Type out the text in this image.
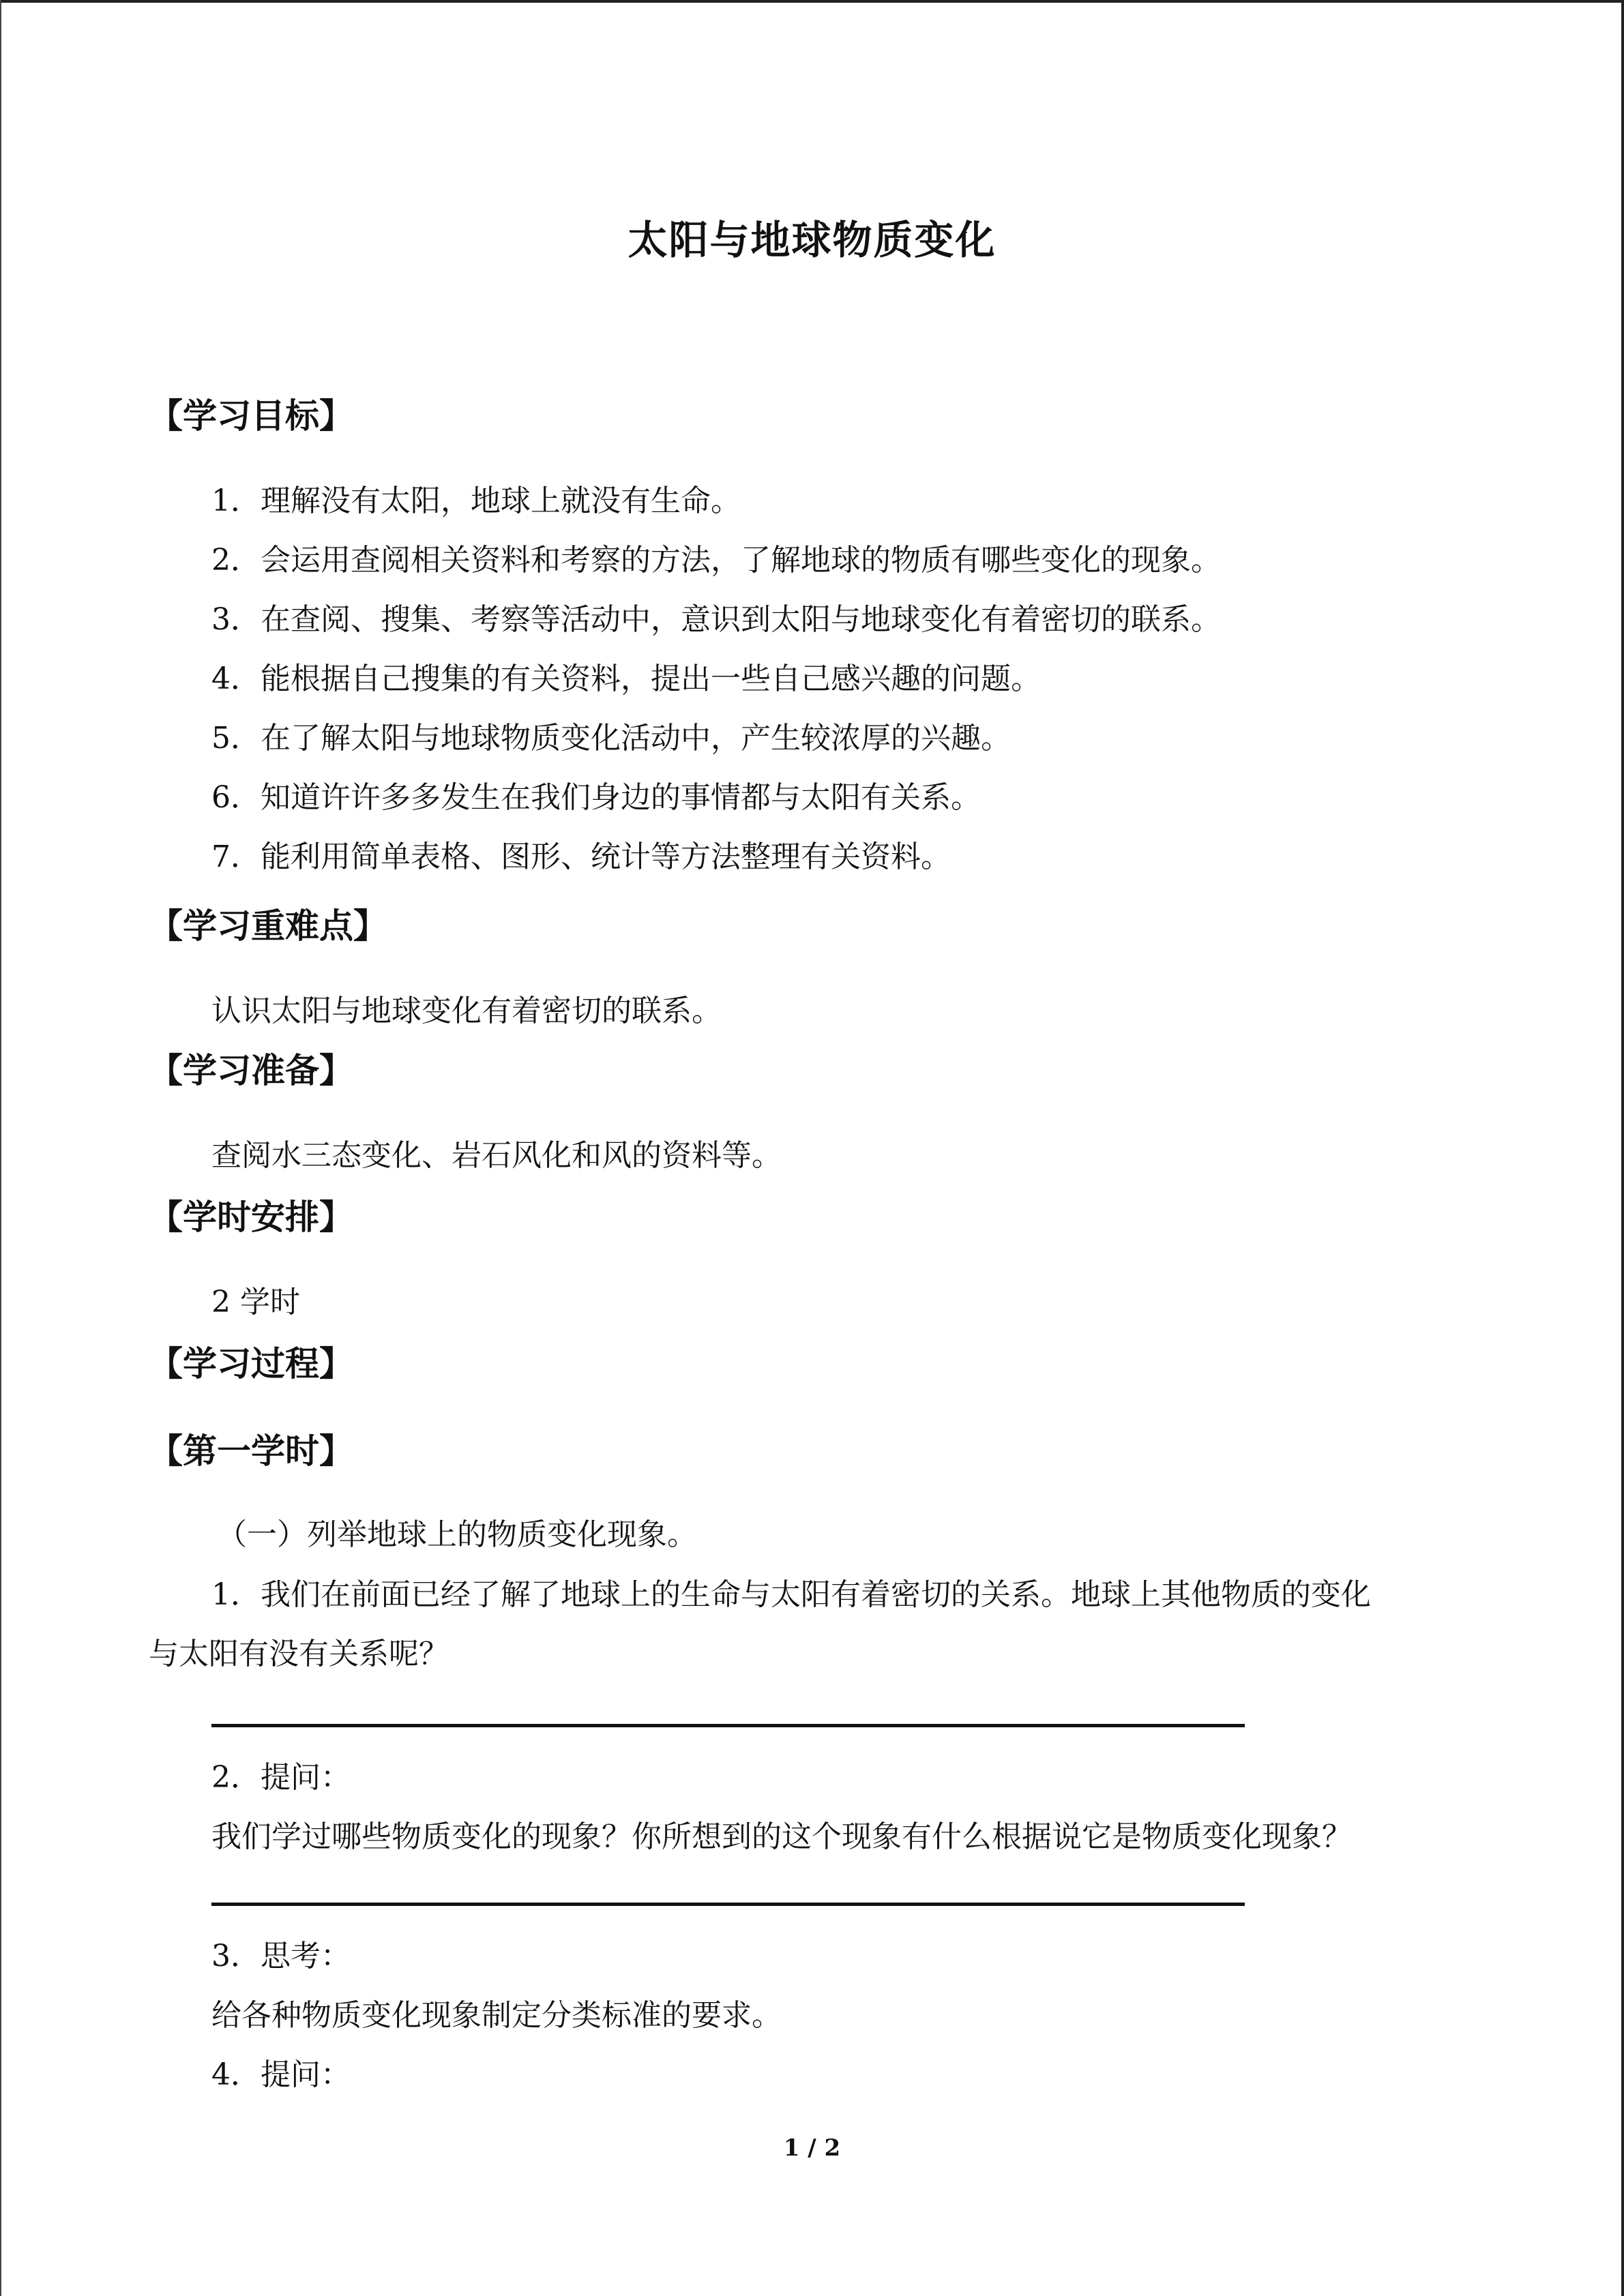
太阳与地球物质变化
【学习目标】
1．理解没有太阳，地球上就没有生命。
2．会运用查阅相关资料和考察的方法，了解地球的物质有哪些变化的现象。
3．在查阅、搜集、考察等活动中，意识到太阳与地球变化有着密切的联系。
4．能根据自己搜集的有关资料，提出一些自己感兴趣的问题。
5．在了解太阳与地球物质变化活动中，产生较浓厚的兴趣。
6．知道许许多多发生在我们身边的事情都与太阳有关系。
7．能利用简单表格、图形、统计等方法整理有关资料。
【学习重难点】
认识太阳与地球变化有着密切的联系。
【学习准备】
查阅水三态变化、岩石风化和风的资料等。
【学时安排】
2 学时
【学习过程】
【第一学时】
（一）列举地球上的物质变化现象。
1．我们在前面已经了解了地球上的生命与太阳有着密切的关系。地球上其他物质的变化
与太阳有没有关系呢？
2．提问：
我们学过哪些物质变化的现象？你所想到的这个现象有什么根据说它是物质变化现象？
3．思考：
给各种物质变化现象制定分类标准的要求。
4．提问：
1 / 2
